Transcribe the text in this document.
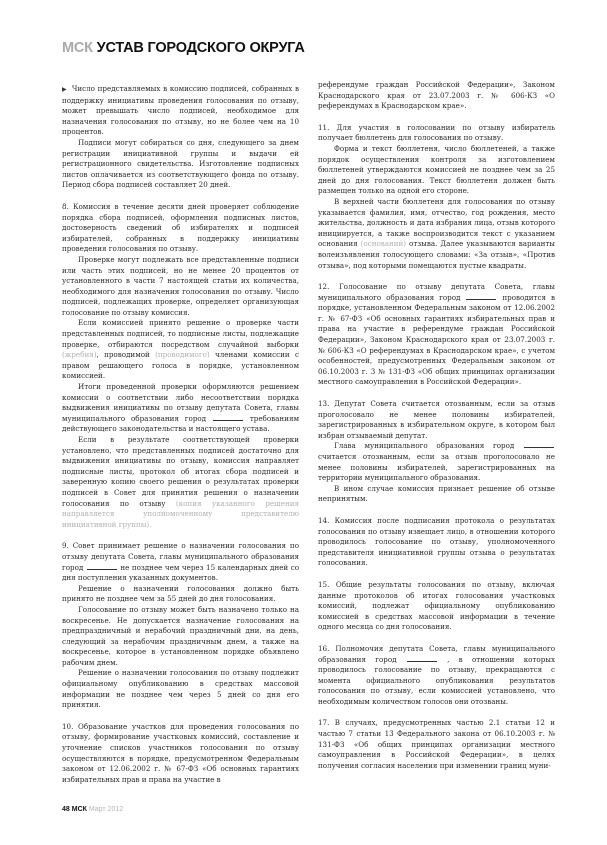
МСК УСТАВ ГОРОДСКОГО ОКРУГА

▶ Число представляемых в комиссию подписей, собранных в поддержку инициативы проведения голосования по отзыву, может превышать число подписей, необходимое для назначения голосования по отзыву, но не более чем на 10 процентов.

Подписи могут собираться со дня, следующего за днем регистрации инициативной группы и выдачи ей регистрационного свидетельства. Изготовление подписных листов оплачивается из соответствующего фонда по отзыву. Период сбора подписей составляет 20 дней.

8. Комиссия в течение десяти дней проверяет соблюдение порядка сбора подписей, оформления подписных листов, достоверность сведений об избирателях и подписей избирателей, собранных в поддержку инициативы проведения голосования по отзыву.

Проверке могут подлежать все представленные подписи или часть этих подписей, но не менее 20 процентов от установленного в части 7 настоящей статьи их количества, необходимого для назначения голосования по отзыву. Число подписей, подлежащих проверке, определяет организующая голосование по отзыву комиссия.

Если комиссией принято решение о проверке части представленных подписей, то подписные листы, подлежащие проверке, отбираются посредством случайной выборки (жребия), проводимой (проводимого) членами комиссии с правом решающего голоса в порядке, установленном комиссией.

Итоги проведенной проверки оформляются решением комиссии о соответствии либо несоответствии порядка выдвижения инициативы по отзыву депутата Совета, главы муниципального образования город	требованиям действующего законодательства и настоящего устава.

Если в результате соответствующей проверки установлено, что представленных подписей достаточно для выдвижения инициативы по отзыву, комиссия направляет подписные листы, протокол об итогах сбора подписей и заверенную копию своего решения о результатах проверки подписей в Совет для принятия решения о назначении голосования по отзыву (копия указанного решения направляется уполномоченному представителю инициативной группы).

9. Совет принимает решение о назначении голосования по отзыву депутата Совета, главы муниципального образования город	не позднее чем через 15 календарных дней со дня поступления указанных документов.

Решение о назначении голосования должно быть принято не позднее чем за 55 дней до дня голосования.

Голосование по отзыву может быть назначено только на воскресенье. Не допускается назначение голосования на предпраздничный и нерабочий праздничный дни, на день, следующий за нерабочим праздничным днем, а также на воскресенье, которое в установленном порядке объявлено рабочим днем.

Решение о назначении голосования по отзыву подлежит официальному опубликованию в средствах массовой информации не позднее чем через 5 дней со дня его принятия.

10. Образование участков для проведения голосования по отзыву, формирование участковых комиссий, составление и уточнение списков участников голосования по отзыву осуществляются в порядке, предусмотренном Федеральным законом от 12.06.2002 г. № 67-ФЗ «Об основных гарантиях избирательных прав и права на участие в

референдуме граждан Российской Федерации», Законом Краснодарского края от 23.07.2003 г. № 606-КЗ «О референдумах в Краснодарском крае».

11. Для участия в голосовании по отзыву избиратель получает бюллетень для голосования по отзыву.

Форма и текст бюллетеня, число бюллетеней, а также порядок осуществления контроля за изготовлением бюллетеней утверждаются комиссией не позднее чем за 25 дней до дня голосования. Текст бюллетеня должен быть размещен только на одной его стороне.

В верхней части бюллетеня для голосования по отзыву указывается фамилия, имя, отчество, год рождения, место жительства, должность и дата избрания лица, отзыв которого инициируется, а также воспроизводится текст с указанием основания (оснований) отзыва. Далее указываются варианты волеизъявления голосующего словами: «За отзыв», «Против отзыва», под которыми помещаются пустые квадраты.

12. Голосование по отзыву депутата Совета, главы муниципального образования город	проводится в порядке, установленном Федеральным законом от 12.06.2002 г. № 67-ФЗ «Об основных гарантиях избирательных прав и права на участие в референдуме граждан Российской Федерации», Законом Краснодарского края от 23.07.2003 г. № 606-КЗ «О референдумах в Краснодарском крае», с учетом особенностей, предусмотренных Федеральным законом от 06.10.2003 г. 3 № 131-ФЗ «Об общих принципах организации местного самоуправления в Российской Федерации».

13. Депутат Совета считается отозванным, если за отзыв проголосовало не менее половины избирателей, зарегистрированных в избирательном округе, в котором был избран отзываемый депутат.

Глава муниципального образования город  считается отозванным, если за отзыв проголосовало не менее половины избирателей, зарегистрированных на территории муниципального образования.

В ином случае комиссия признает решение об отзыве непринятым.

14. Комиссия после подписания протокола о результатах голосования по отзыву извещает лицо, в отношении которого проводилось голосование по отзыву, уполномоченного представителя инициативной группы отзыва о результатах голосования.

15. Общие результаты голосования по отзыву, включая данные протоколов об итогах голосования участковых комиссий, подлежат официальному опубликованию комиссией в средствах массовой информации в течение одного месяца со дня голосования.

16. Полномочия депутата Совета, главы муниципального образования город	, в отношении которых проводилось голосование по отзыву, прекращаются с момента официального опубликования результатов голосования по отзыву, если комиссией установлено, что необходимым количеством голосов они отозваны.

17. В случаях, предусмотренных частью 2.1 статьи 12 и частью 7 статьи 13 Федерального закона от 06.10.2003 г. № 131-ФЗ «Об общих принципах организации местного самоуправления в Российской Федерации», в целях получения согласия населения при изменении границ муни-

48 МСК Март 2012
